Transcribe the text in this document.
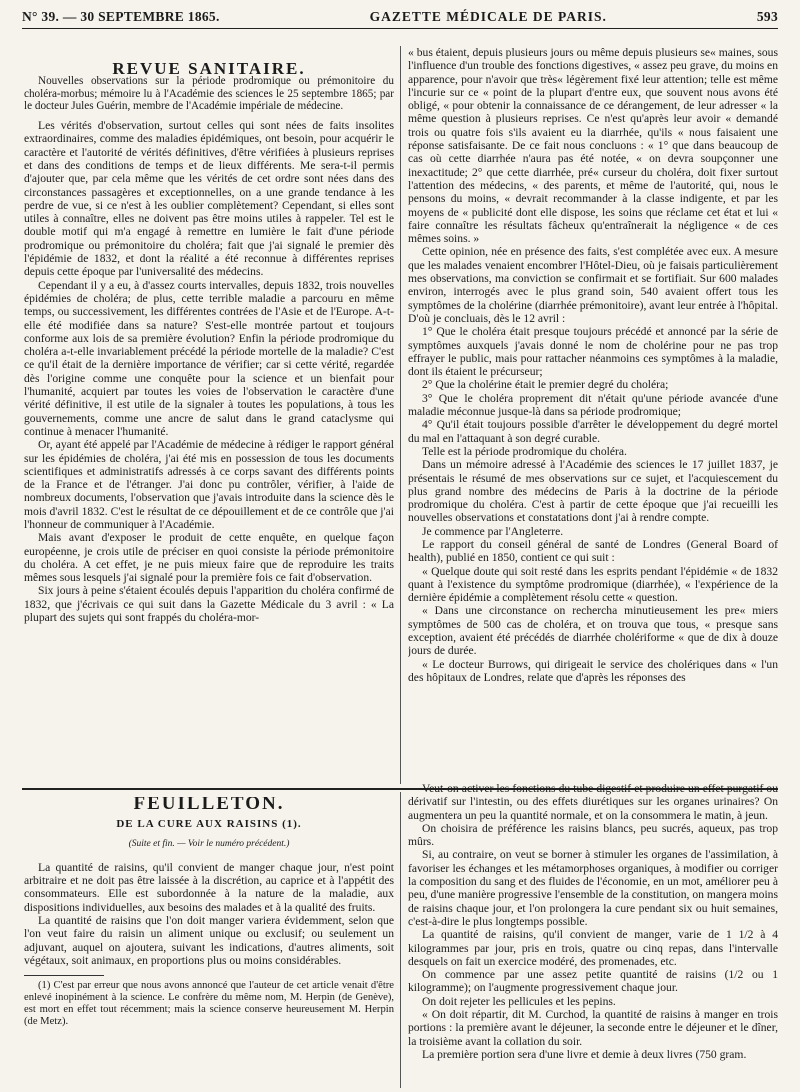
N° 39. — 30 SEPTEMBRE 1865.	GAZETTE MÉDICALE DE PARIS.	593

REVUE SANITAIRE.

Nouvelles observations sur la période prodromique ou prémonitoire du choléra-morbus; mémoire lu à l'Académie des sciences le 25 septembre 1865; par le docteur Jules Guérin, membre de l'Académie impériale de médecine.

Les vérités d'observation, surtout celles qui sont nées de faits insolites extraordinaires, comme des maladies épidémiques, ont besoin, pour acquérir le caractère et l'autorité de vérités définitives, d'être vérifiées à plusieurs reprises et dans des conditions de temps et de lieux différents. Me sera-t-il permis d'ajouter que, par cela même que les vérités de cet ordre sont nées dans des circonstances passagères et exceptionnelles, on a une grande tendance à les perdre de vue, si ce n'est à les oublier complètement? Cependant, si elles sont utiles à connaître, elles ne doivent pas être moins utiles à rappeler. Tel est le double motif qui m'a engagé à remettre en lumière le fait d'une période prodromique ou prémonitoire du choléra; fait que j'ai signalé le premier dès l'épidémie de 1832, et dont la réalité a été reconnue à différentes reprises depuis cette époque par l'universalité des médecins.

Cependant il y a eu, à d'assez courts intervalles, depuis 1832, trois nouvelles épidémies de choléra; de plus, cette terrible maladie a parcouru en même temps, ou successivement, les différentes contrées de l'Asie et de l'Europe. A-t-elle été modifiée dans sa nature? S'est-elle montrée partout et toujours conforme aux lois de sa première évolution? Enfin la période prodromique du choléra a-t-elle invariablement précédé la période mortelle de la maladie? C'est ce qu'il était de la dernière importance de vérifier; car si cette vérité, regardée dès l'origine comme une conquête pour la science et un bienfait pour l'humanité, acquiert par toutes les voies de l'observation le caractère d'une vérité définitive, il est utile de la signaler à toutes les populations, à tous les gouvernements, comme une ancre de salut dans le grand cataclysme qui continue à menacer l'humanité.

Or, ayant été appelé par l'Académie de médecine à rédiger le rapport général sur les épidémies de choléra, j'ai été mis en possession de tous les documents scientifiques et administratifs adressés à ce corps savant des différents points de la France et de l'étranger. J'ai donc pu contrôler, vérifier, à l'aide de nombreux documents, l'observation que j'avais introduite dans la science dès le mois d'avril 1832. C'est le résultat de ce dépouillement et de ce contrôle que j'ai l'honneur de communiquer à l'Académie.

Mais avant d'exposer le produit de cette enquête, en quelque façon européenne, je crois utile de préciser en quoi consiste la période prémonitoire du choléra. A cet effet, je ne puis mieux faire que de reproduire les traits mêmes sous lesquels j'ai signalé pour la première fois ce fait d'observation.

Six jours à peine s'étaient écoulés depuis l'apparition du choléra confirmé de 1832, que j'écrivais ce qui suit dans la Gazette Médicale du 3 avril : « La plupart des sujets qui sont frappés du choléra-mor-

« bus étaient, depuis plusieurs jours ou même depuis plusieurs se« maines, sous l'influence d'un trouble des fonctions digestives, « assez peu grave, du moins en apparence, pour n'avoir que très« légèrement fixé leur attention; telle est même l'incurie sur ce « point de la plupart d'entre eux, que souvent nous avons été obligé, « pour obtenir la connaissance de ce dérangement, de leur adresser « la même question à plusieurs reprises. Ce n'est qu'après leur avoir « demandé trois ou quatre fois s'ils avaient eu la diarrhée, qu'ils « nous faisaient une réponse satisfaisante. De ce fait nous concluons : « 1° que dans beaucoup de cas où cette diarrhée n'aura pas été notée, « on devra soupçonner une inexactitude; 2° que cette diarrhée, pré« curseur du choléra, doit fixer surtout l'attention des médecins, « des parents, et même de l'autorité, qui, nous le pensons du moins, « devrait recommander à la classe indigente, et par les moyens de « publicité dont elle dispose, les soins que réclame cet état et lui « faire connaître les résultats fâcheux qu'entraînerait la négligence « de ces mêmes soins. »

Cette opinion, née en présence des faits, s'est complétée avec eux. A mesure que les malades venaient encombrer l'Hôtel-Dieu, où je faisais particulièrement mes observations, ma conviction se confirmait et se fortifiait. Sur 600 malades environ, interrogés avec le plus grand soin, 540 avaient offert tous les symptômes de la cholérine (diarrhée prémonitoire), avant leur entrée à l'hôpital. D'où je concluais, dès le 12 avril :

1° Que le choléra était presque toujours précédé et annoncé par la série de symptômes auxquels j'avais donné le nom de cholérine pour ne pas trop effrayer le public, mais pour rattacher néanmoins ces symptômes à la maladie, dont ils étaient le précurseur;

2° Que la cholérine était le premier degré du choléra;

3° Que le choléra proprement dit n'était qu'une période avancée d'une maladie méconnue jusque-là dans sa période prodromique;

4° Qu'il était toujours possible d'arrêter le développement du degré mortel du mal en l'attaquant à son degré curable.

Telle est la période prodromique du choléra.

Dans un mémoire adressé à l'Académie des sciences le 17 juillet 1837, je présentais le résumé de mes observations sur ce sujet, et l'acquiescement du plus grand nombre des médecins de Paris à la doctrine de la période prodromique du choléra. C'est à partir de cette époque que j'ai recueilli les nouvelles observations et constatations dont j'ai à rendre compte.

Je commence par l'Angleterre.

Le rapport du conseil général de santé de Londres (General Board of health), publié en 1850, contient ce qui suit :

« Quelque doute qui soit resté dans les esprits pendant l'épidémie « de 1832 quant à l'existence du symptôme prodromique (diarrhée), « l'expérience de la dernière épidémie a complètement résolu cette « question.

« Dans une circonstance on rechercha minutieusement les pre« miers symptômes de 500 cas de choléra, et on trouva que tous, « presque sans exception, avaient été précédés de diarrhée cholériforme « que de dix à douze jours de durée.

« Le docteur Burrows, qui dirigeait le service des cholériques dans « l'un des hôpitaux de Londres, relate que d'après les réponses des

FEUILLETON.
DE LA CURE AUX RAISINS (1).
(Suite et fin. — Voir le numéro précédent.)

La quantité de raisins, qu'il convient de manger chaque jour, n'est point arbitraire et ne doit pas être laissée à la discrétion, au caprice et à l'appétit des consommateurs. Elle est subordonnée à la nature de la maladie, aux dispositions individuelles, aux besoins des malades et à la qualité des fruits.

La quantité de raisins que l'on doit manger variera évidemment, selon que l'on veut faire du raisin un aliment unique ou exclusif; ou seulement un adjuvant, auquel on ajoutera, suivant les indications, d'autres aliments, soit végétaux, soit animaux, en proportions plus ou moins considérables.

(1) C'est par erreur que nous avons annoncé que l'auteur de cet article venait d'être enlevé inopinément à la science. Le confrère du même nom, M. Herpin (de Genève), est mort en effet tout récemment; mais la science conserve heureusement M. Herpin (de Metz).

Veut-on activer les fonctions du tube digestif et produire un effet purgatif ou dérivatif sur l'intestin, ou des effets diurétiques sur les organes urinaires? On augmentera un peu la quantité normale, et on la consommera le matin, à jeun.

On choisira de préférence les raisins blancs, peu sucrés, aqueux, pas trop mûrs.

Si, au contraire, on veut se borner à stimuler les organes de l'assimilation, à favoriser les échanges et les métamorphoses organiques, à modifier ou corriger la composition du sang et des fluides de l'économie, en un mot, améliorer peu à peu, d'une manière progressive l'ensemble de la constitution, on mangera moins de raisins chaque jour, et l'on prolongera la cure pendant six ou huit semaines, c'est-à-dire le plus longtemps possible.

La quantité de raisins, qu'il convient de manger, varie de 1 1/2 à 4 kilogrammes par jour, pris en trois, quatre ou cinq repas, dans l'intervalle desquels on fait un exercice modéré, des promenades, etc.

On commence par une assez petite quantité de raisins (1/2 ou 1 kilogramme); on l'augmente progressivement chaque jour.

On doit rejeter les pellicules et les pepins.

« On doit répartir, dit M. Curchod, la quantité de raisins à manger en trois portions : la première avant le déjeuner, la seconde entre le déjeuner et le dîner, la troisième avant la collation du soir.

La première portion sera d'une livre et demie à deux livres (750 gram.
